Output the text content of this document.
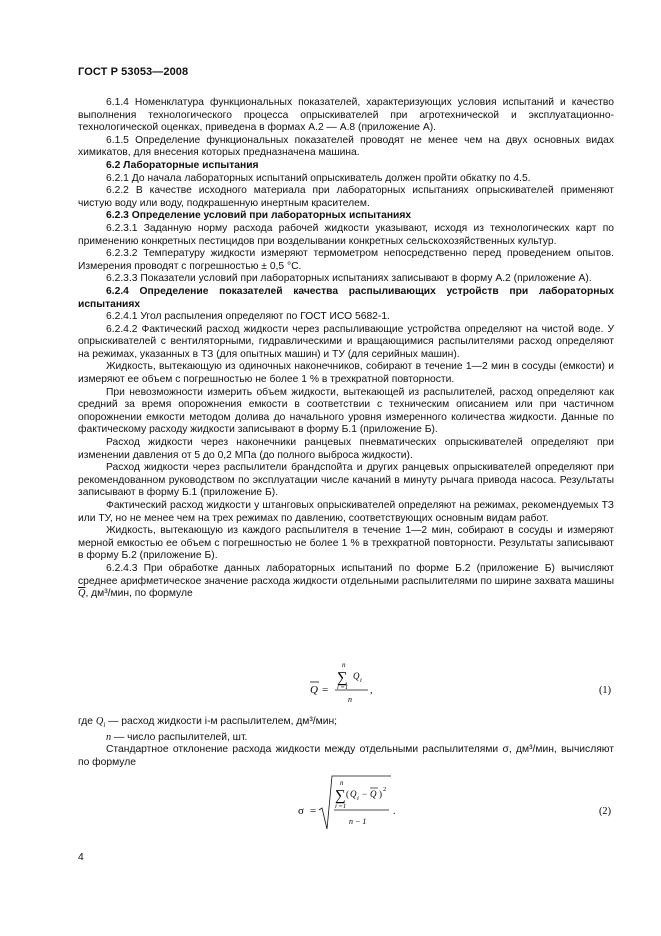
ГОСТ Р 53053—2008

6.1.4 Номенклатура функциональных показателей, характеризующих условия испытаний и качество выполнения технологического процесса опрыскивателей при агротехнической и эксплуатационно-технологической оценках, приведена в формах А.2 — А.8 (приложение А).

6.1.5 Определение функциональных показателей проводят не менее чем на двух основных видах химикатов, для внесения которых предназначена машина.

6.2 Лабораторные испытания

6.2.1 До начала лабораторных испытаний опрыскиватель должен пройти обкатку по 4.5.

6.2.2 В качестве исходного материала при лабораторных испытаниях опрыскивателей применяют чистую воду или воду, подкрашенную инертным красителем.

6.2.3 Определение условий при лабораторных испытаниях

6.2.3.1 Заданную норму расхода рабочей жидкости указывают, исходя из технологических карт по применению конкретных пестицидов при возделывании конкретных сельскохозяйственных культур.

6.2.3.2 Температуру жидкости измеряют термометром непосредственно перед проведением опытов. Измерения проводят с погрешностью ± 0,5 °С.

6.2.3.3 Показатели условий при лабораторных испытаниях записывают в форму А.2 (приложение А).

6.2.4 Определение показателей качества распыливающих устройств при лабораторных испытаниях

6.2.4.1 Угол распыления определяют по ГОСТ ИСО 5682-1.

6.2.4.2 Фактический расход жидкости через распыливающие устройства определяют на чистой воде. У опрыскивателей с вентиляторными, гидравлическими и вращающимися распылителями расход определяют на режимах, указанных в ТЗ (для опытных машин) и ТУ (для серийных машин).

Жидкость, вытекающую из одиночных наконечников, собирают в течение 1—2 мин в сосуды (емкости) и измеряют ее объем с погрешностью не более 1 % в трехкратной повторности.

При невозможности измерить объем жидкости, вытекающей из распылителей, расход определяют как средний за время опорожнения емкости в соответствии с техническим описанием или при частичном опорожнении емкости методом долива до начального уровня измеренного количества жидкости. Данные по фактическому расходу жидкости записывают в форму Б.1 (приложение Б).

Расход жидкости через наконечники ранцевых пневматических опрыскивателей определяют при изменении давления от 5 до 0,2 МПа (до полного выброса жидкости).

Расход жидкости через распылители брандспойта и других ранцевых опрыскивателей определяют при рекомендованном руководством по эксплуатации числе качаний в минуту рычага привода насоса. Результаты записывают в форму Б.1 (приложение Б).

Фактический расход жидкости у штанговых опрыскивателей определяют на режимах, рекомендуемых ТЗ или ТУ, но не менее чем на трех режимах по давлению, соответствующих основным видам работ.

Жидкость, вытекающую из каждого распылителя в течение 1—2 мин, собирают в сосуды и измеряют мерной емкостью ее объем с погрешностью не более 1 % в трехкратной повторности. Результаты записывают в форму Б.2 (приложение Б).

6.2.4.3 При обработке данных лабораторных испытаний по форме Б.2 (приложение Б) вычисляют среднее арифметическое значение расхода жидкости отдельными распылителями по ширине захвата машины $\overline{Q}$, дм³/мин, по формуле

Q =
n
∑
i =1
Q i
n
,	(1)
где $Q_i$ — расход жидкости i-м распылителем, дм³/мин;
n — число распылителей, шт.

Стандартное отклонение расхода жидкости между отдельными распылителями σ, дм³/мин, вычисляют по формуле

σ =
n
∑
i =1
( Q i − Q ) 2
n − 1
.	(2)
4
